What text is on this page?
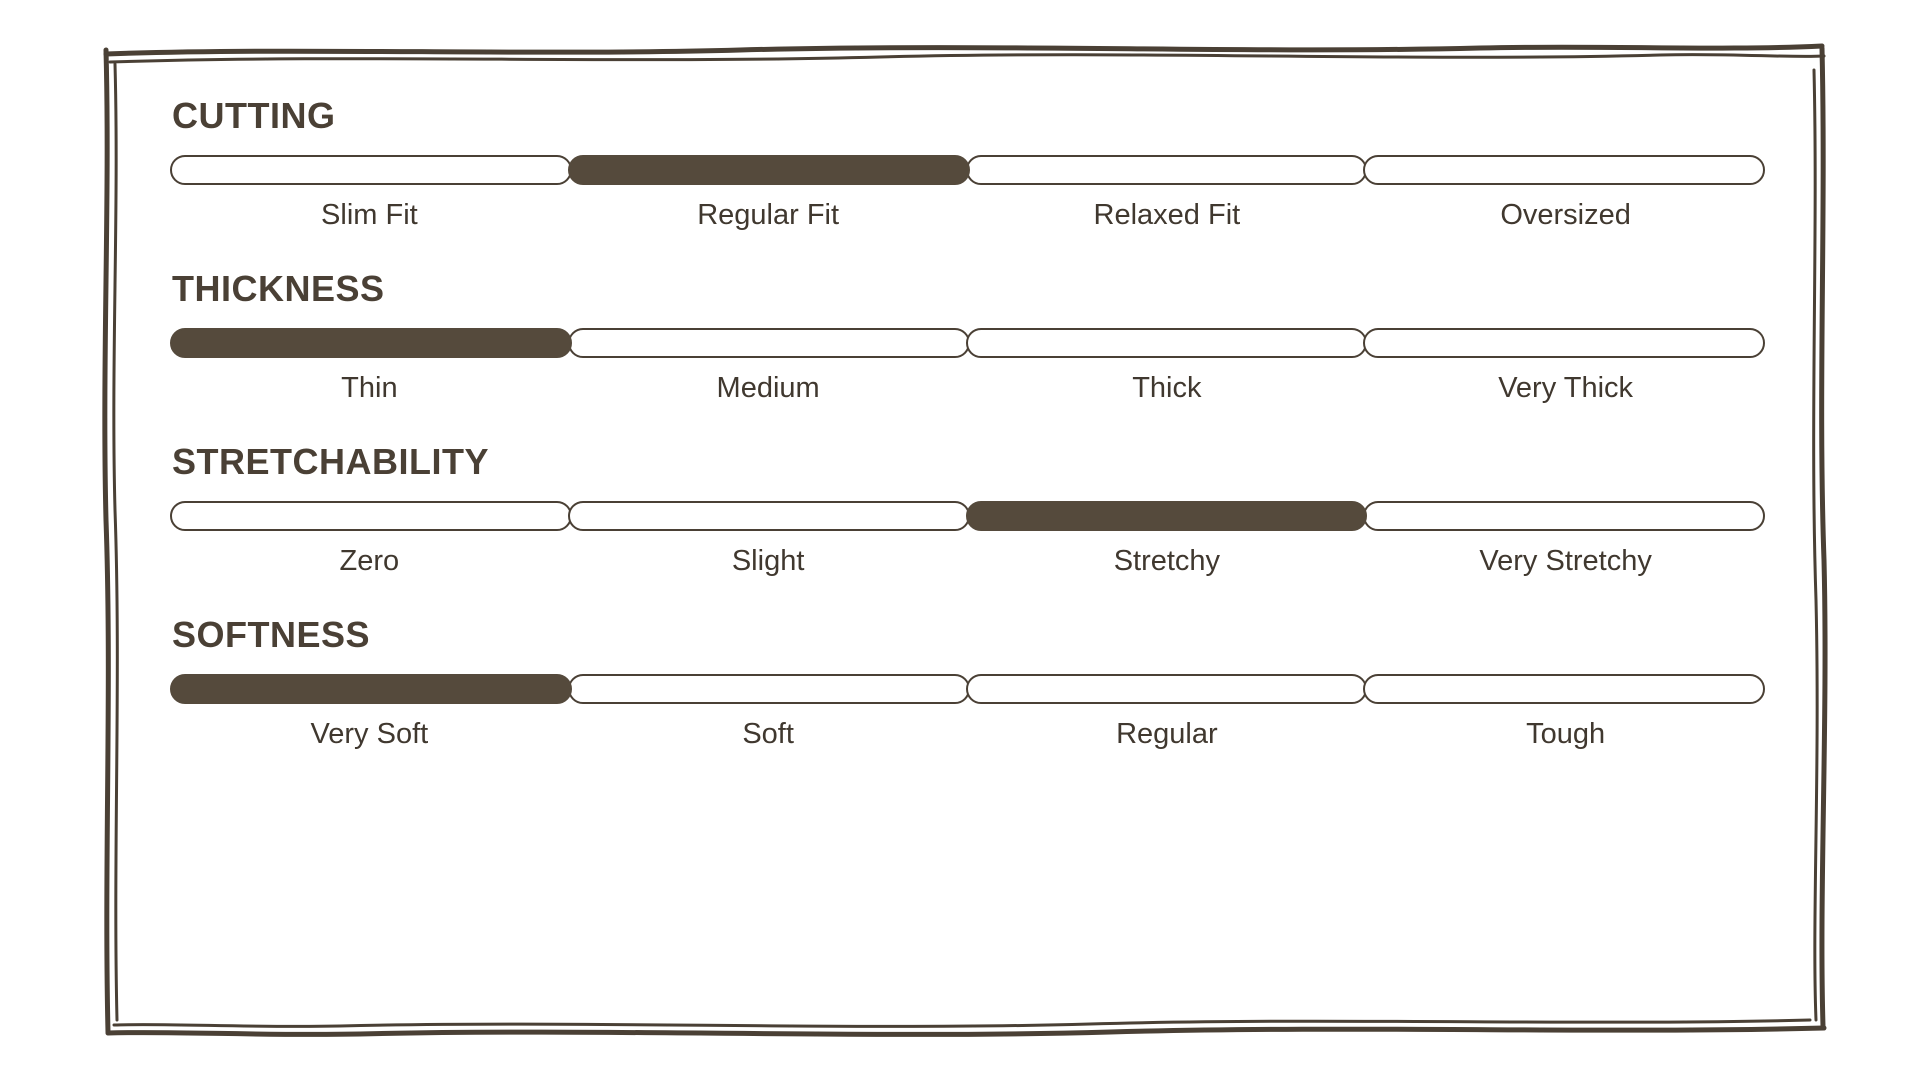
CUTTING
Slim Fit	Regular Fit	Relaxed Fit	Oversized
THICKNESS
Thin	Medium	Thick	Very Thick
STRETCHABILITY
Zero	Slight	Stretchy	Very Stretchy
SOFTNESS
Very Soft	Soft	Regular	Tough
